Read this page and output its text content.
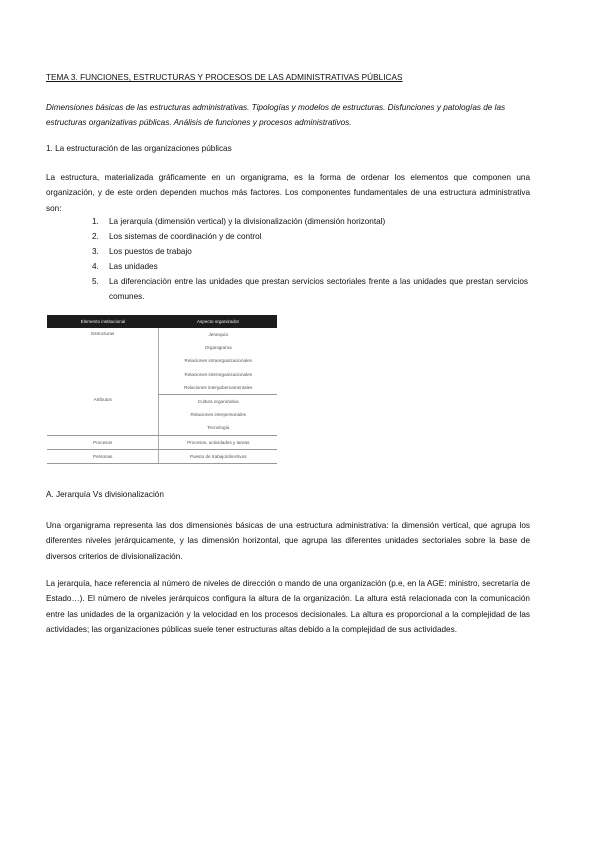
TEMA 3. FUNCIONES, ESTRUCTURAS Y PROCESOS DE LAS ADMINISTRATIVAS PÚBLICAS
Dimensiones básicas de las estructuras administrativas. Tipologías y modelos de estructuras. Disfunciones y patologías de las estructuras organizativas públicas. Análisis de funciones y procesos administrativos.
1. La estructuración de las organizaciones públicas
La estructura, materializada gráficamente en un organigrama, es la forma de ordenar los elementos que componen una organización, y de este orden dependen muchos más factores. Los componentes fundamentales de una estructura administrativa son:
1. La jerarquía (dimensión vertical) y la divisionalización (dimensión horizontal)
2. Los sistemas de coordinación y de control
3. Los puestos de trabajo
4. Las unidades
5. La diferenciación entre las unidades que prestan servicios sectoriales frente a las unidades que prestan servicios comunes.
Elemento institucional	Aspecto organizador
Estructuras	Jerarquía
	Organigrama
	Relaciones intraorganizacionales
	Relaciones interorganizacionales
	Relaciones intergubernamentales
Atributos	Cultura organizativa
	Relaciones interpersonales
	Tecnología
Procesos	Procesos, actividades y tareas
Personas	Puesto de trabajo/directivos
A. Jerarquía Vs divisionalización
Una organigrama representa las dos dimensiones básicas de una estructura administrativa: la dimensión vertical, que agrupa los diferentes niveles jerárquicamente, y las dimensión horizontal, que agrupa las diferentes unidades sectoriales sobre la base de diversos criterios de divisionalización.
La jerarquía, hace referencia al número de niveles de dirección o mando de una organización (p.e, en la AGE: ministro, secretaría de Estado…). El número de niveles jerárquicos configura la altura de la organización. La altura está relacionada con la comunicación entre las unidades de la organización y la velocidad en los procesos decisionales. La altura es proporcional a la complejidad de las actividades; las organizaciones públicas suele tener estructuras altas debido a la complejidad de sus actividades.
